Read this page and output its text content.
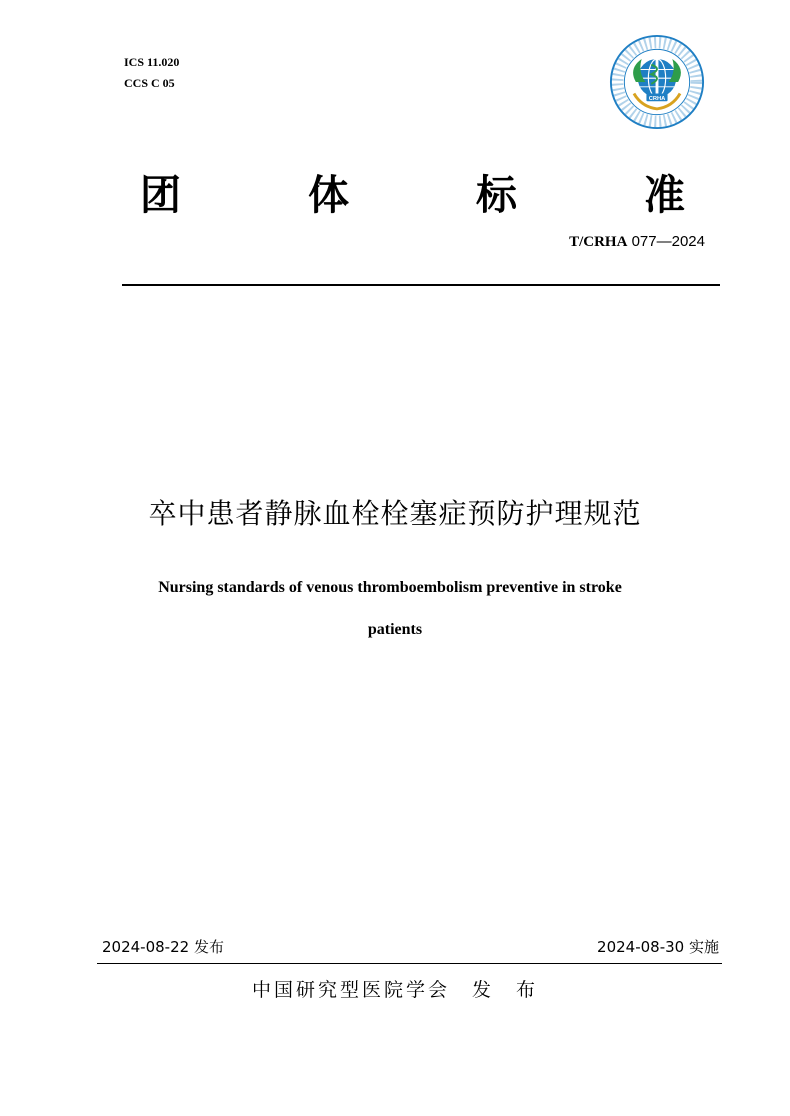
ICS 11.020
CCS C 05
CRHA
团	体	标	准
T/CRHA 077—2024
卒中患者静脉血栓栓塞症预防护理规范
Nursing standards of venous thromboembolism preventive in stroke
patients
2024-08-22 发布	2024-08-30 实施
中国研究型医院学会　发　布
